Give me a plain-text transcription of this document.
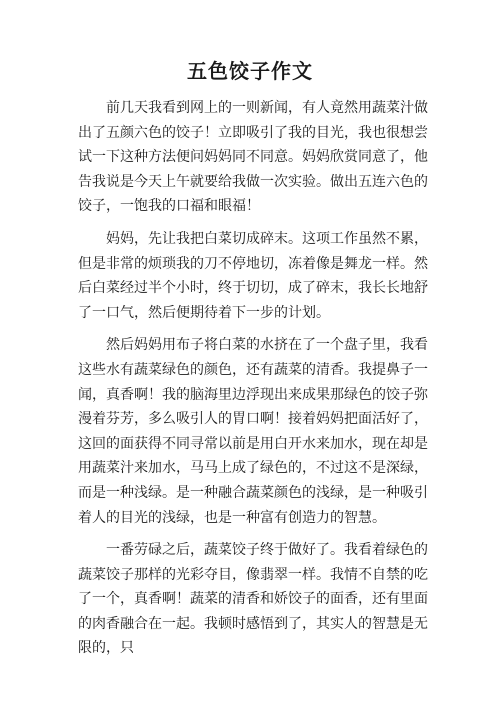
五色饺子作文

前几天我看到网上的一则新闻，有人竟然用蔬菜汁做出了五颜六色的饺子！立即吸引了我的目光，我也很想尝试一下这种方法便问妈妈同不同意。妈妈欣赏同意了，他告我说是今天上午就要给我做一次实验。做出五连六色的饺子，一饱我的口福和眼福！

妈妈，先让我把白菜切成碎末。这项工作虽然不累，但是非常的烦琐我的刀不停地切，冻着像是舞龙一样。然后白菜经过半个小时，终于切切，成了碎末，我长长地舒了一口气，然后便期待着下一步的计划。

然后妈妈用布子将白菜的水挤在了一个盘子里，我看这些水有蔬菜绿色的颜色，还有蔬菜的清香。我提鼻子一闻，真香啊！我的脑海里边浮现出来成果那绿色的饺子弥漫着芬芳，多么吸引人的胃口啊！接着妈妈把面活好了，这回的面获得不同寻常以前是用白开水来加水，现在却是用蔬菜汁来加水，马马上成了绿色的，不过这不是深绿，而是一种浅绿。是一种融合蔬菜颜色的浅绿，是一种吸引着人的目光的浅绿，也是一种富有创造力的智慧。

一番劳碌之后，蔬菜饺子终于做好了。我看着绿色的蔬菜饺子那样的光彩夺目，像翡翠一样。我情不自禁的吃了一个，真香啊！蔬菜的清香和娇饺子的面香，还有里面的肉香融合在一起。我顿时感悟到了，其实人的智慧是无限的，只
